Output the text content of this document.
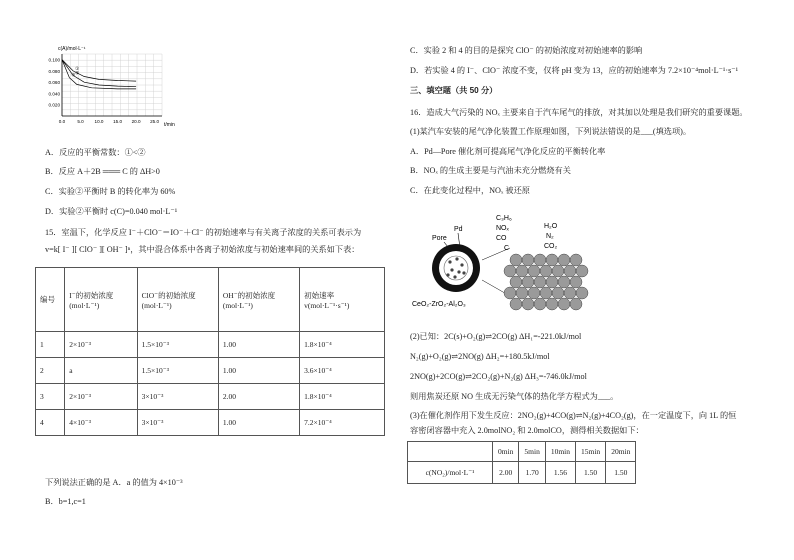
c(A)/mol·L⁻¹
t/min
0.100
0.080
0.060
0.040
0.020
0.0	5.0 10.0 15.0 20.0 25.0
①
②
③
A．反应的平衡常数：①<②
B．反应 A＋2B ═══ C 的 ΔH>0
C．实验②平衡时 B 的转化率为 60%
D．实验②平衡时 c(C)=0.040 mol·L⁻¹
15．室温下，化学反应 I⁻＋ClO⁻＝IO⁻＋Cl⁻ 的初始速率与有关离子浓度的关系可表示为
v=k[ I⁻ ][ ClO⁻ ][ OH⁻ ]ⁿ，其中混合体系中各离子初始浓度与初始速率间的关系如下表：
编号	I⁻的初始浓度(mol·L⁻¹)	ClO⁻的初始浓度(mol·L⁻¹)	OH⁻的初始浓度(mol·L⁻¹)	初始速率 v(mol·L⁻¹·s⁻¹)
1	2×10⁻³	1.5×10⁻³	1.00	1.8×10⁻⁴
2	a	1.5×10⁻³	1.00	3.6×10⁻⁴
3	2×10⁻³	3×10⁻³	2.00	1.8×10⁻⁴
4	4×10⁻³	3×10⁻³	1.00	7.2×10⁻⁴
下列说法正确的是 A．a 的值为 4×10⁻³
B．b=1,c=1
C．实验 2 和 4 的目的是探究 ClO⁻ 的初始浓度对初始速率的影响
D．若实验 4 的 I⁻、ClO⁻ 浓度不变，仅将 pH 变为 13，应的初始速率为 7.2×10⁻⁴mol·L⁻¹·s⁻¹
三、填空题（共 50 分）
16．造成大气污染的 NOₓ 主要来自于汽车尾气的排放，对其加以处理是我们研究的重要课题。
(1)某汽车安装的尾气净化装置工作原理如图，下列说法错误的是___(填选项)。
A．Pd—Pore 催化剂可提高尾气净化反应的平衡转化率
B．NOₓ 的生成主要是与汽油未充分燃烧有关
C．在此变化过程中，NOₓ 被还原
Pore
Pd
CeO₂-ZrO₂-Al₂O₃
C₃H₆
NOₓ
CO
C
H₂O
N₂
CO₂
(2)已知：2C(s)+O₂(g)⇌2CO(g) ΔH₁=-221.0kJ/mol
N₂(g)+O₂(g)⇌2NO(g) ΔH₂=+180.5kJ/mol
2NO(g)+2CO(g)⇌2CO₂(g)+N₂(g) ΔH₃=-746.0kJ/mol
则用焦炭还原 NO 生成无污染气体的热化学方程式为___。
(3)在催化剂作用下发生反应：2NO₂(g)+4CO(g)⇌N₂(g)+4CO₂(g)，在一定温度下，向 1L 的恒
容密闭容器中充入 2.0molNO₂ 和 2.0molCO，测得相关数据如下：
	0min	5min	10min	15min	20min
c(NO₂)/mol·L⁻¹	2.00	1.70	1.56	1.50	1.50
